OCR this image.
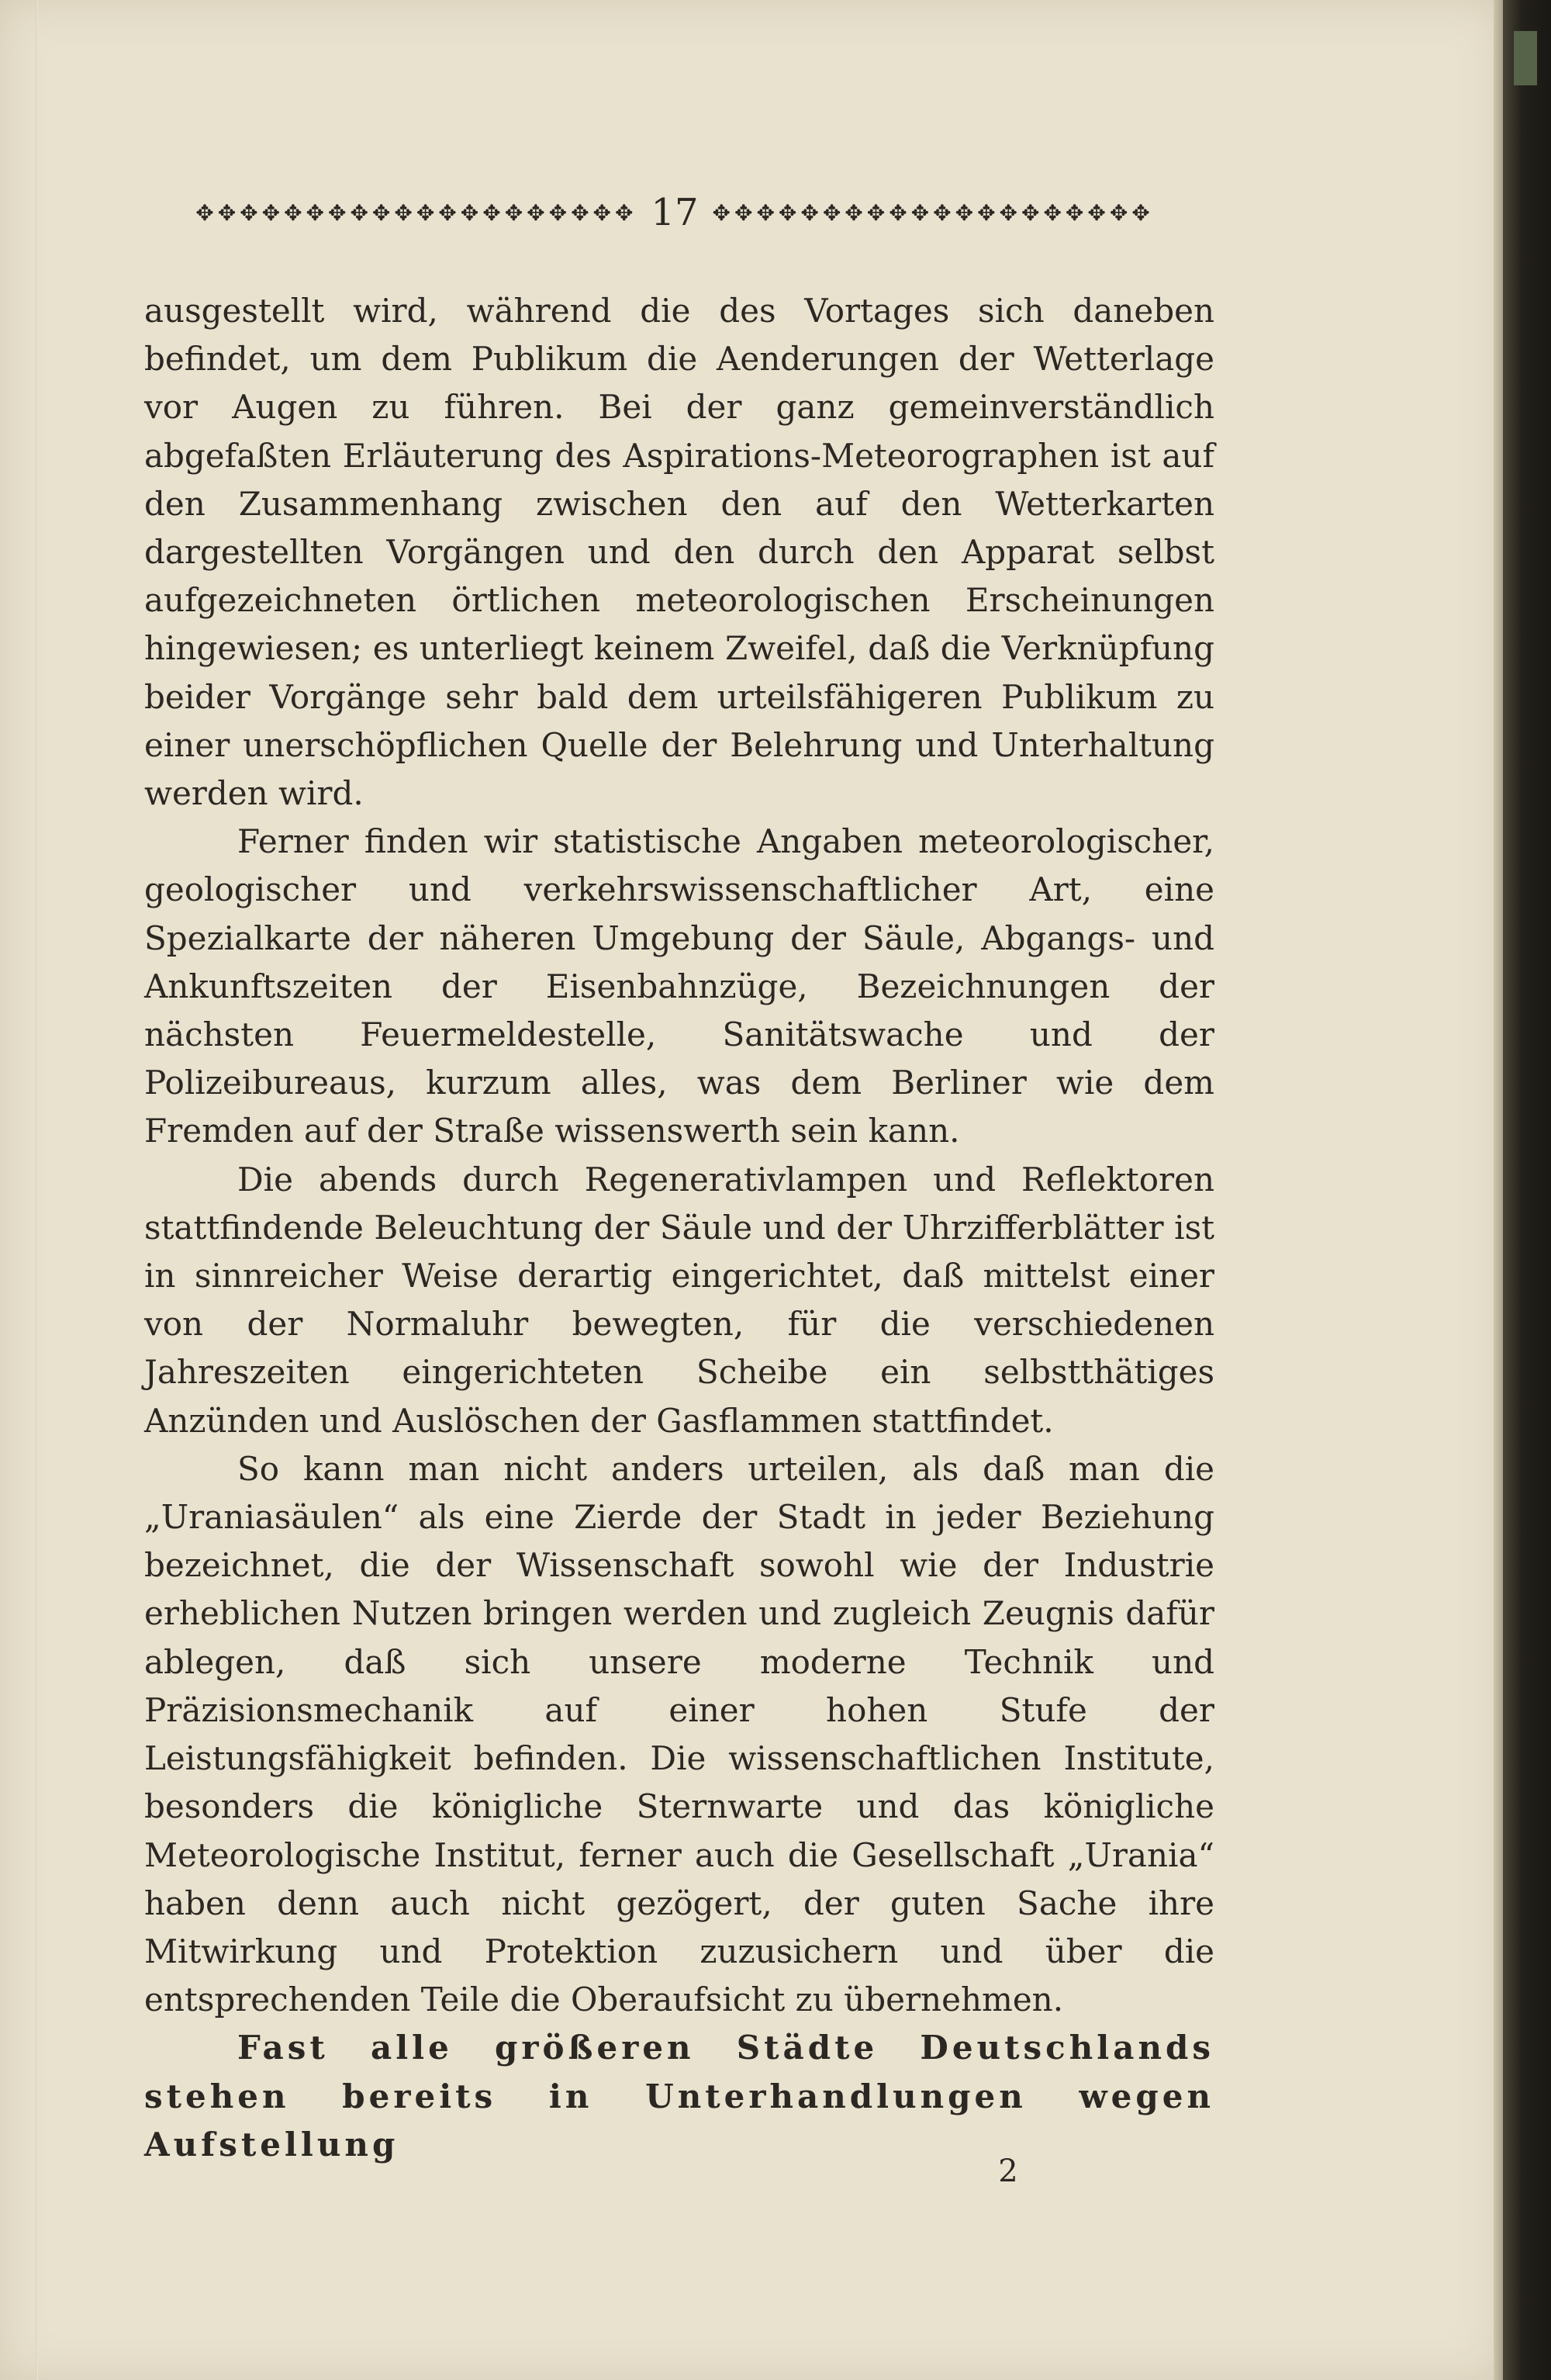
✥✥✥✥✥✥✥✥✥✥✥✥✥✥✥✥✥✥✥✥ 17 ✥✥✥✥✥✥✥✥✥✥✥✥✥✥✥✥✥✥✥✥

ausgestellt wird, während die des Vortages sich daneben befindet, um dem Publikum die Aenderungen der Wetterlage vor Augen zu führen. Bei der ganz gemeinverständlich abgefaßten Erläuterung des Aspirations-Meteorographen ist auf den Zusammenhang zwischen den auf den Wetterkarten dargestellten Vorgängen und den durch den Apparat selbst aufgezeichneten örtlichen meteorologischen Erscheinungen hingewiesen; es unterliegt keinem Zweifel, daß die Verknüpfung beider Vorgänge sehr bald dem urteilsfähigeren Publikum zu einer unerschöpflichen Quelle der Belehrung und Unterhaltung werden wird.

Ferner finden wir statistische Angaben meteorologischer, geologischer und verkehrswissenschaftlicher Art, eine Spezialkarte der näheren Umgebung der Säule, Abgangs- und Ankunftszeiten der Eisenbahnzüge, Bezeichnungen der nächsten Feuermeldestelle, Sanitätswache und der Polizeibureaus, kurzum alles, was dem Berliner wie dem Fremden auf der Straße wissenswerth sein kann.

Die abends durch Regenerativlampen und Reflektoren stattfindende Beleuchtung der Säule und der Uhrzifferblätter ist in sinnreicher Weise derartig eingerichtet, daß mittelst einer von der Normaluhr bewegten, für die verschiedenen Jahreszeiten eingerichteten Scheibe ein selbstthätiges Anzünden und Auslöschen der Gasflammen stattfindet.

So kann man nicht anders urteilen, als daß man die „Uraniasäulen“ als eine Zierde der Stadt in jeder Beziehung bezeichnet, die der Wissenschaft sowohl wie der Industrie erheblichen Nutzen bringen werden und zugleich Zeugnis dafür ablegen, daß sich unsere moderne Technik und Präzisionsmechanik auf einer hohen Stufe der Leistungsfähigkeit befinden. Die wissenschaftlichen Institute, besonders die königliche Sternwarte und das königliche Meteorologische Institut, ferner auch die Gesellschaft „Urania“ haben denn auch nicht gezögert, der guten Sache ihre Mitwirkung und Protektion zuzusichern und über die entsprechenden Teile die Oberaufsicht zu übernehmen.

Fast alle größeren Städte Deutschlands stehen bereits in Unterhandlungen wegen Aufstellung

2
